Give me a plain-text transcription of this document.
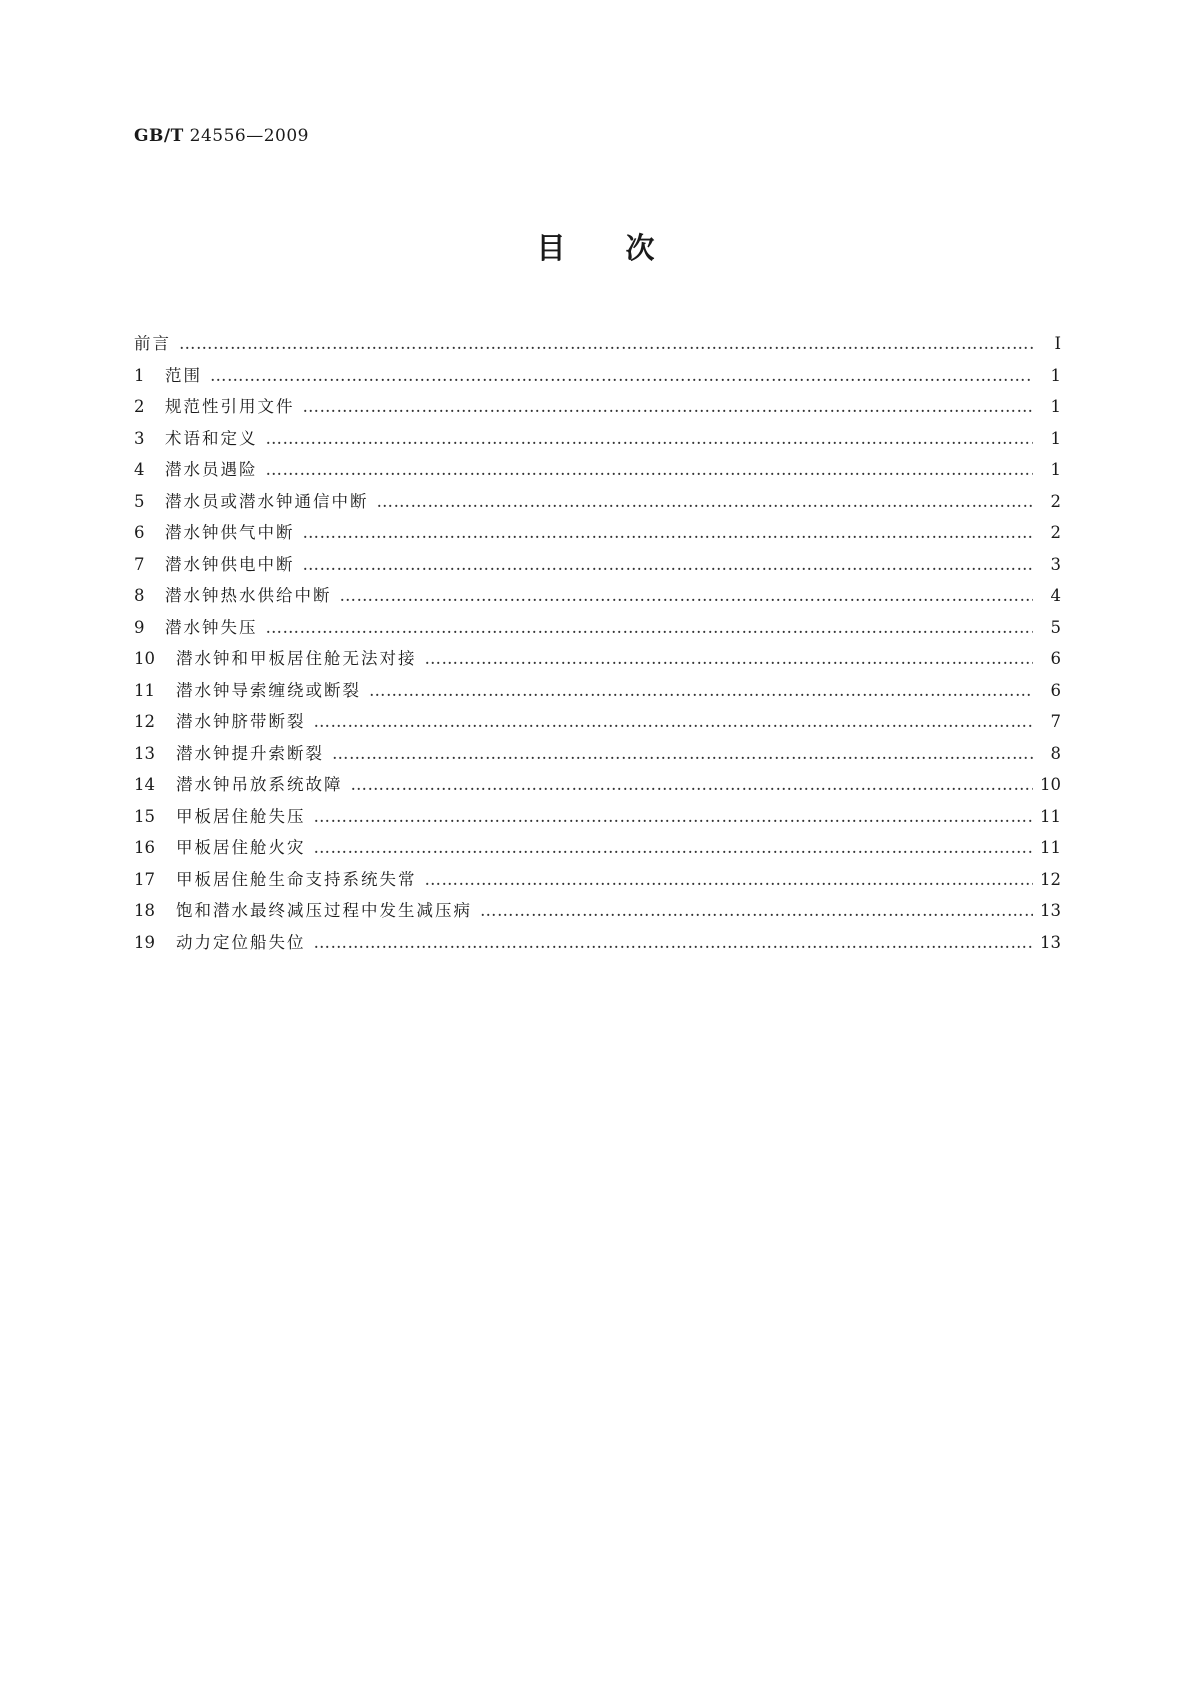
GB/T 24556—2009
目次
前言 …………………………………………………………………………………………………………………………………………………………………………………………………………………………………………………	Ⅰ
1	范围 …………………………………………………………………………………………………………………………………………………………………………………………………………………………………………………	1
2	规范性引用文件 …………………………………………………………………………………………………………………………………………………………………………………………………………………………………………………	1
3	术语和定义 …………………………………………………………………………………………………………………………………………………………………………………………………………………………………………………	1
4	潜水员遇险 …………………………………………………………………………………………………………………………………………………………………………………………………………………………………………………	1
5	潜水员或潜水钟通信中断 …………………………………………………………………………………………………………………………………………………………………………………………………………………………………………………	2
6	潜水钟供气中断 …………………………………………………………………………………………………………………………………………………………………………………………………………………………………………………	2
7	潜水钟供电中断 …………………………………………………………………………………………………………………………………………………………………………………………………………………………………………………	3
8	潜水钟热水供给中断 …………………………………………………………………………………………………………………………………………………………………………………………………………………………………………………	4
9	潜水钟失压 …………………………………………………………………………………………………………………………………………………………………………………………………………………………………………………	5
10	潜水钟和甲板居住舱无法对接 …………………………………………………………………………………………………………………………………………………………………………………………………………………………………………………	6
11	潜水钟导索缠绕或断裂 …………………………………………………………………………………………………………………………………………………………………………………………………………………………………………………	6
12	潜水钟脐带断裂 …………………………………………………………………………………………………………………………………………………………………………………………………………………………………………………	7
13	潜水钟提升索断裂 …………………………………………………………………………………………………………………………………………………………………………………………………………………………………………………	8
14	潜水钟吊放系统故障 …………………………………………………………………………………………………………………………………………………………………………………………………………………………………………………	10
15	甲板居住舱失压 …………………………………………………………………………………………………………………………………………………………………………………………………………………………………………………	11
16	甲板居住舱火灾 …………………………………………………………………………………………………………………………………………………………………………………………………………………………………………………	11
17	甲板居住舱生命支持系统失常 …………………………………………………………………………………………………………………………………………………………………………………………………………………………………………………	12
18	饱和潜水最终减压过程中发生减压病 …………………………………………………………………………………………………………………………………………………………………………………………………………………………………………………	13
19	动力定位船失位 …………………………………………………………………………………………………………………………………………………………………………………………………………………………………………………	13
